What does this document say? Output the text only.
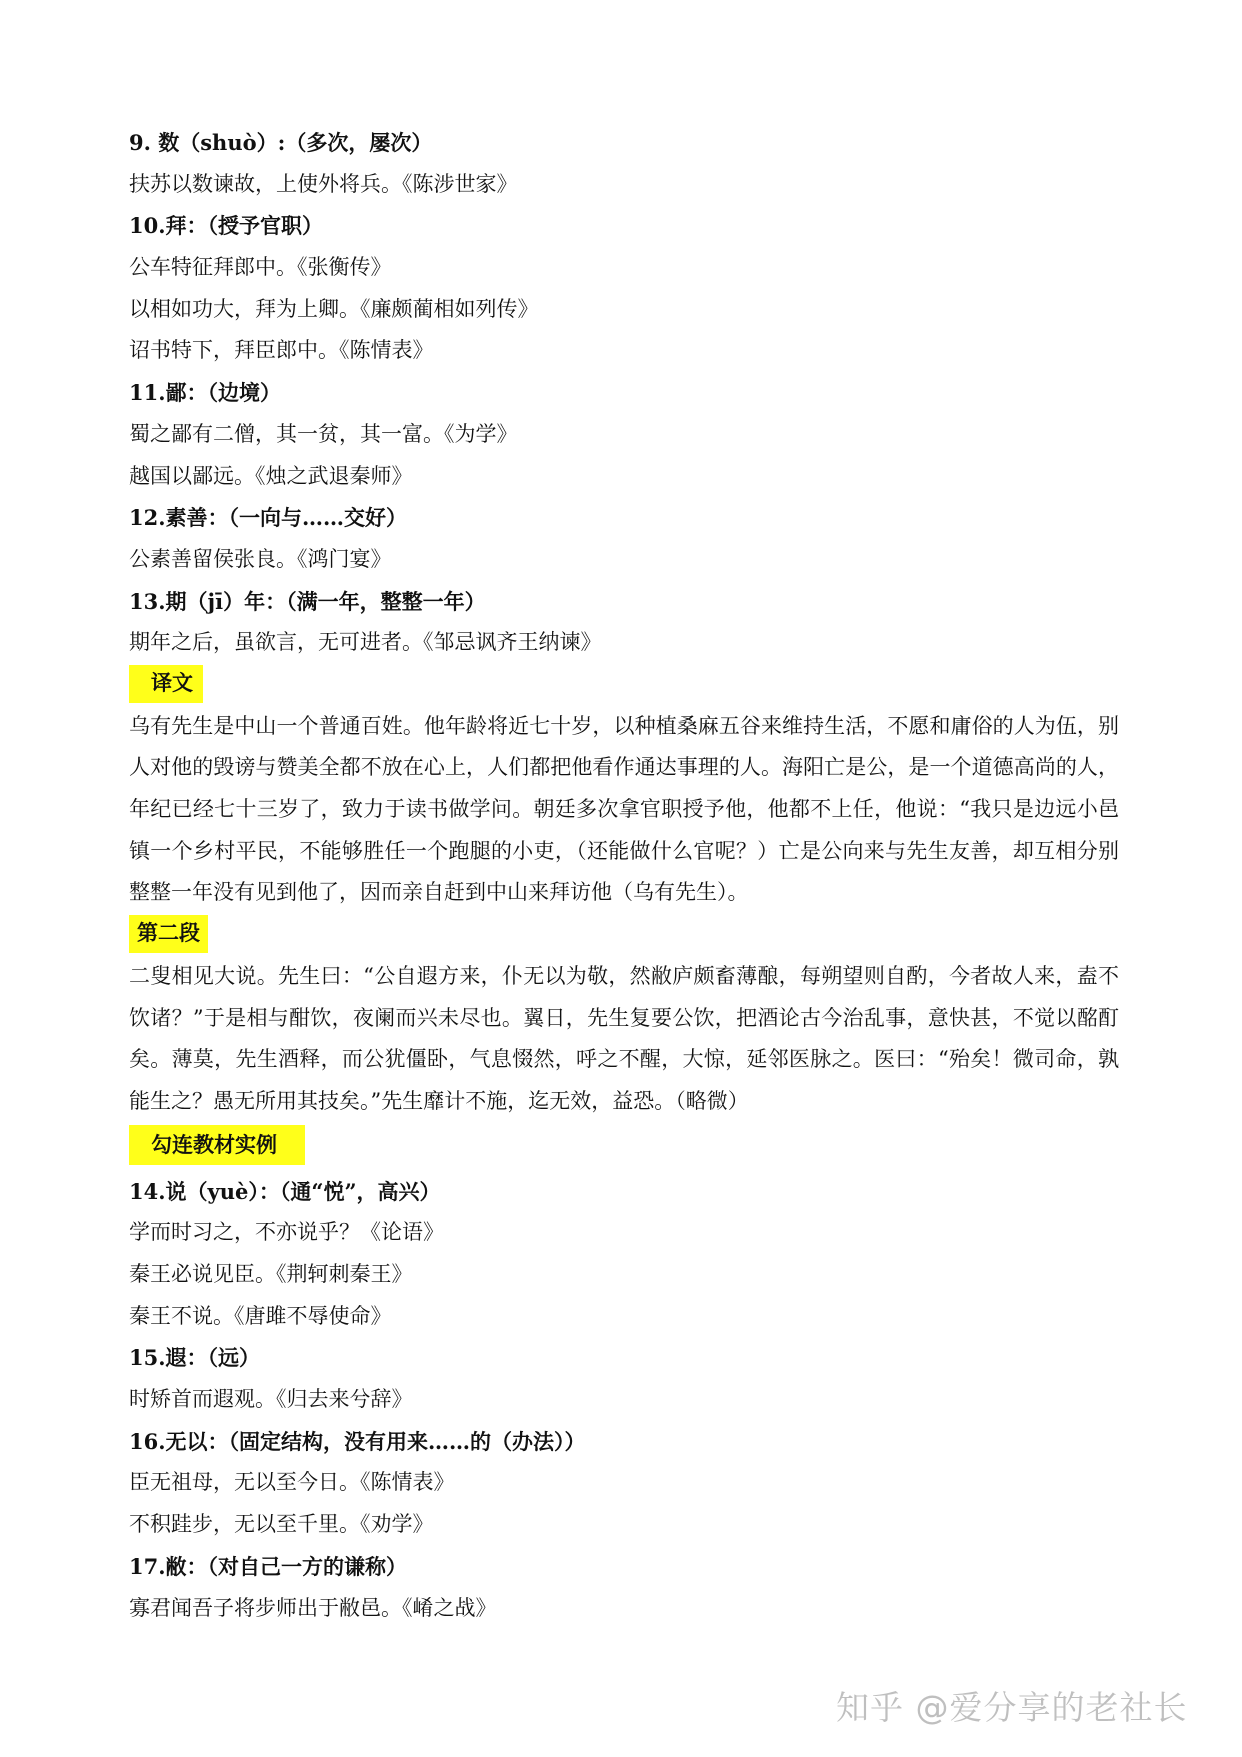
9. 数（shuò）:（多次，屡次）
扶苏以数谏故，上使外将兵。《陈涉世家》
10.拜：（授予官职）
公车特征拜郎中。《张衡传》
以相如功大，拜为上卿。《廉颇蔺相如列传》
诏书特下，拜臣郎中。《陈情表》
11.鄙：（边境）
蜀之鄙有二僧，其一贫，其一富。《为学》
越国以鄙远。《烛之武退秦师》
12.素善：（一向与……交好）
公素善留侯张良。《鸿门宴》
13.期（jī）年：（满一年，整整一年）
期年之后，虽欲言，无可进者。《邹忌讽齐王纳谏》
译文
乌有先生是中山一个普通百姓。他年龄将近七十岁，以种植桑麻五谷来维持生活，不愿和庸俗的人为伍，别人对他的毁谤与赞美全都不放在心上，人们都把他看作通达事理的人。海阳亡是公，是一个道德高尚的人，年纪已经七十三岁了，致力于读书做学问。朝廷多次拿官职授予他，他都不上任，他说：“我只是边远小邑镇一个乡村平民，不能够胜任一个跑腿的小吏，（还能做什么官呢？）亡是公向来与先生友善，却互相分别整整一年没有见到他了，因而亲自赶到中山来拜访他（乌有先生）。
第二段
二叟相见大说。先生曰：“公自遐方来，仆无以为敬，然敝庐颇畜薄酿，每朔望则自酌，今者故人来，盍不饮诸？”于是相与酣饮，夜阑而兴未尽也。翼日，先生复要公饮，把酒论古今治乱事，意快甚，不觉以酩酊矣。薄莫，先生酒释，而公犹僵卧，气息惙然，呼之不醒，大惊，延邻医脉之。医曰：“殆矣！微司命，孰能生之？愚无所用其技矣。”先生靡计不施，迄无效，益恐。（略微）
勾连教材实例
14.说（yuè）：（通“悦”，高兴）
学而时习之，不亦说乎？《论语》
秦王必说见臣。《荆轲刺秦王》
秦王不说。《唐雎不辱使命》
15.遐：（远）
时矫首而遐观。《归去来兮辞》
16.无以：（固定结构，没有用来……的（办法））
臣无祖母，无以至今日。《陈情表》
不积跬步，无以至千里。《劝学》
17.敝：（对自己一方的谦称）
寡君闻吾子将步师出于敝邑。《崤之战》
知乎 @爱分享的老社长
